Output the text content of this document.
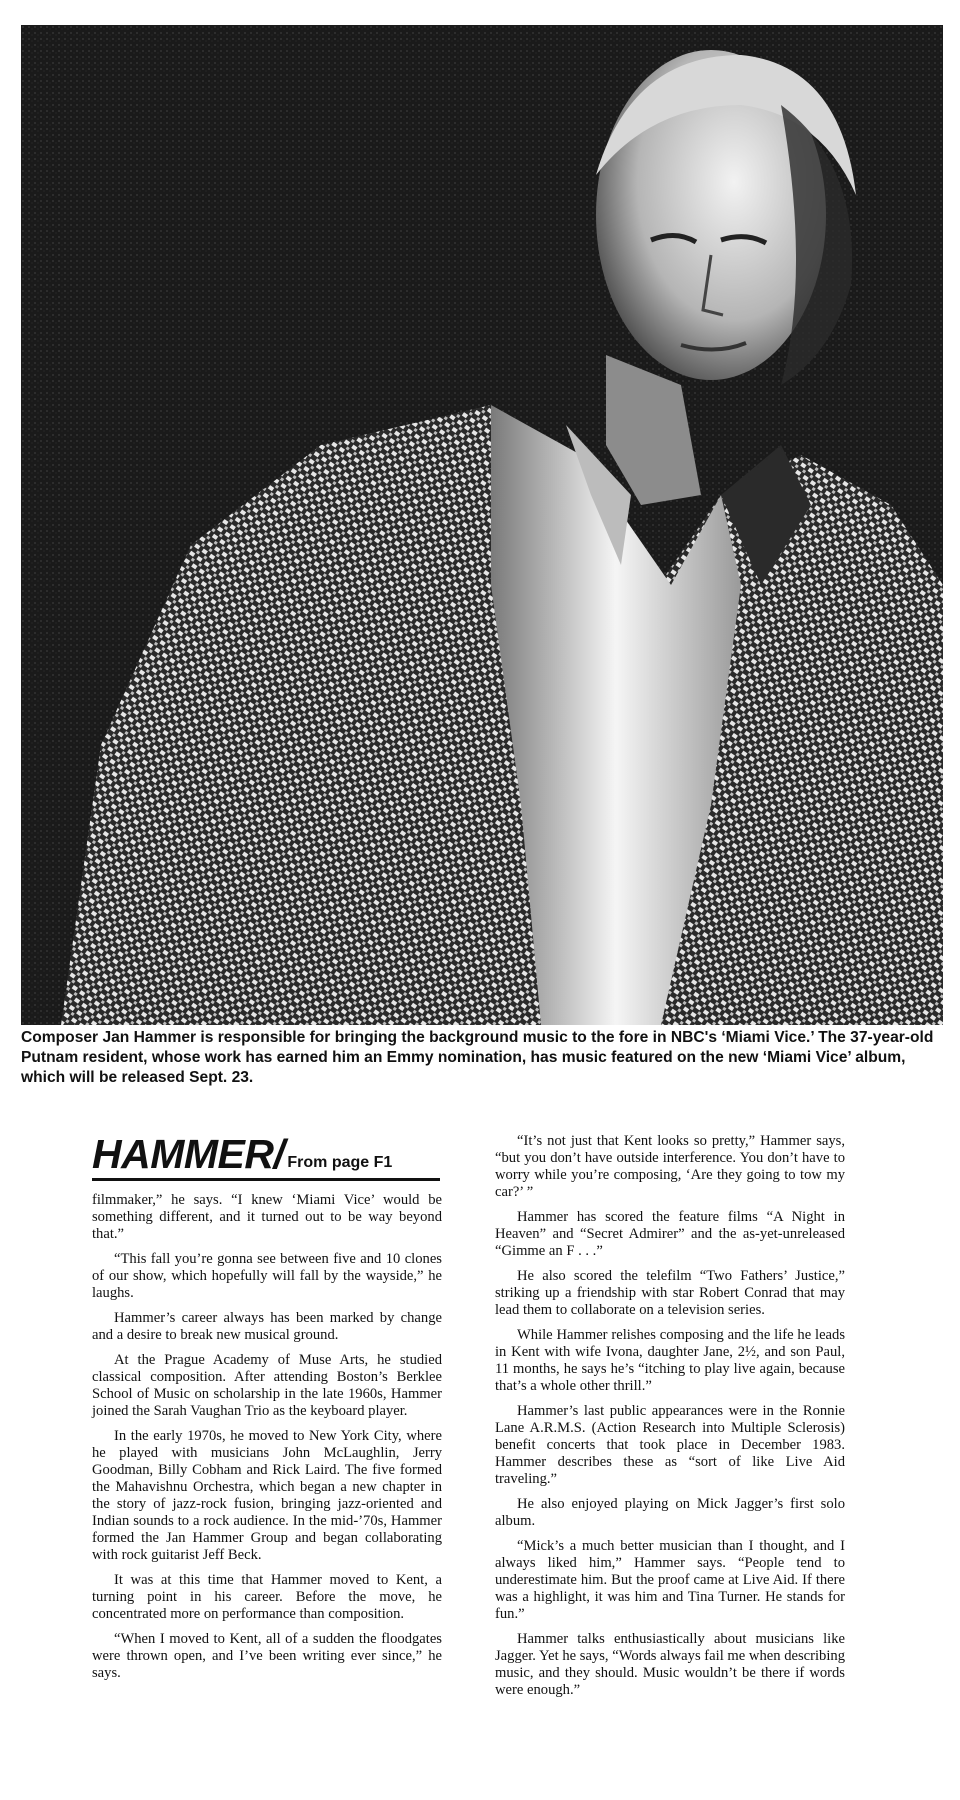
Composer Jan Hammer is responsible for bringing the background music to the fore in NBC's ‘Miami Vice.’ The 37-year-old Putnam resident, whose work has earned him an Emmy nomination, has music featured on the new ‘Miami Vice’ album, which will be released Sept. 23.
HAMMER / From page F1

filmmaker,” he says. “I knew ‘Miami Vice’ would be something different, and it turned out to be way beyond that.”

“This fall you’re gonna see between five and 10 clones of our show, which hopefully will fall by the wayside,” he laughs.

Hammer’s career always has been marked by change and a desire to break new musical ground.

At the Prague Academy of Muse Arts, he studied classical composition. After attending Boston’s Berklee School of Music on scholarship in the late 1960s, Hammer joined the Sarah Vaughan Trio as the keyboard player.

In the early 1970s, he moved to New York City, where he played with musicians John McLaughlin, Jerry Goodman, Billy Cobham and Rick Laird. The five formed the Mahavishnu Orchestra, which began a new chapter in the story of jazz-rock fusion, bringing jazz-oriented and Indian sounds to a rock audience. In the mid-’70s, Hammer formed the Jan Hammer Group and began collaborating with rock guitarist Jeff Beck.

It was at this time that Hammer moved to Kent, a turning point in his career. Before the move, he concentrated more on performance than composition.

“When I moved to Kent, all of a sudden the floodgates were thrown open, and I’ve been writing ever since,” he says.

“It’s not just that Kent looks so pretty,” Hammer says, “but you don’t have outside interference. You don’t have to worry while you’re composing, ‘Are they going to tow my car?’ ”

Hammer has scored the feature films “A Night in Heaven” and “Secret Admirer” and the as-yet-unreleased “Gimme an F . . .”

He also scored the telefilm “Two Fathers’ Justice,” striking up a friendship with star Robert Conrad that may lead them to collaborate on a television series.

While Hammer relishes composing and the life he leads in Kent with wife Ivona, daughter Jane, 2½, and son Paul, 11 months, he says he’s “itching to play live again, because that’s a whole other thrill.”

Hammer’s last public appearances were in the Ronnie Lane A.R.M.S. (Action Research into Multiple Sclerosis) benefit concerts that took place in December 1983. Hammer describes these as “sort of like Live Aid traveling.”

He also enjoyed playing on Mick Jagger’s first solo album.

“Mick’s a much better musician than I thought, and I always liked him,” Hammer says. “People tend to underestimate him. But the proof came at Live Aid. If there was a highlight, it was him and Tina Turner. He stands for fun.”

Hammer talks enthusiastically about musicians like Jagger. Yet he says, “Words always fail me when describing music, and they should. Music wouldn’t be there if words were enough.”
